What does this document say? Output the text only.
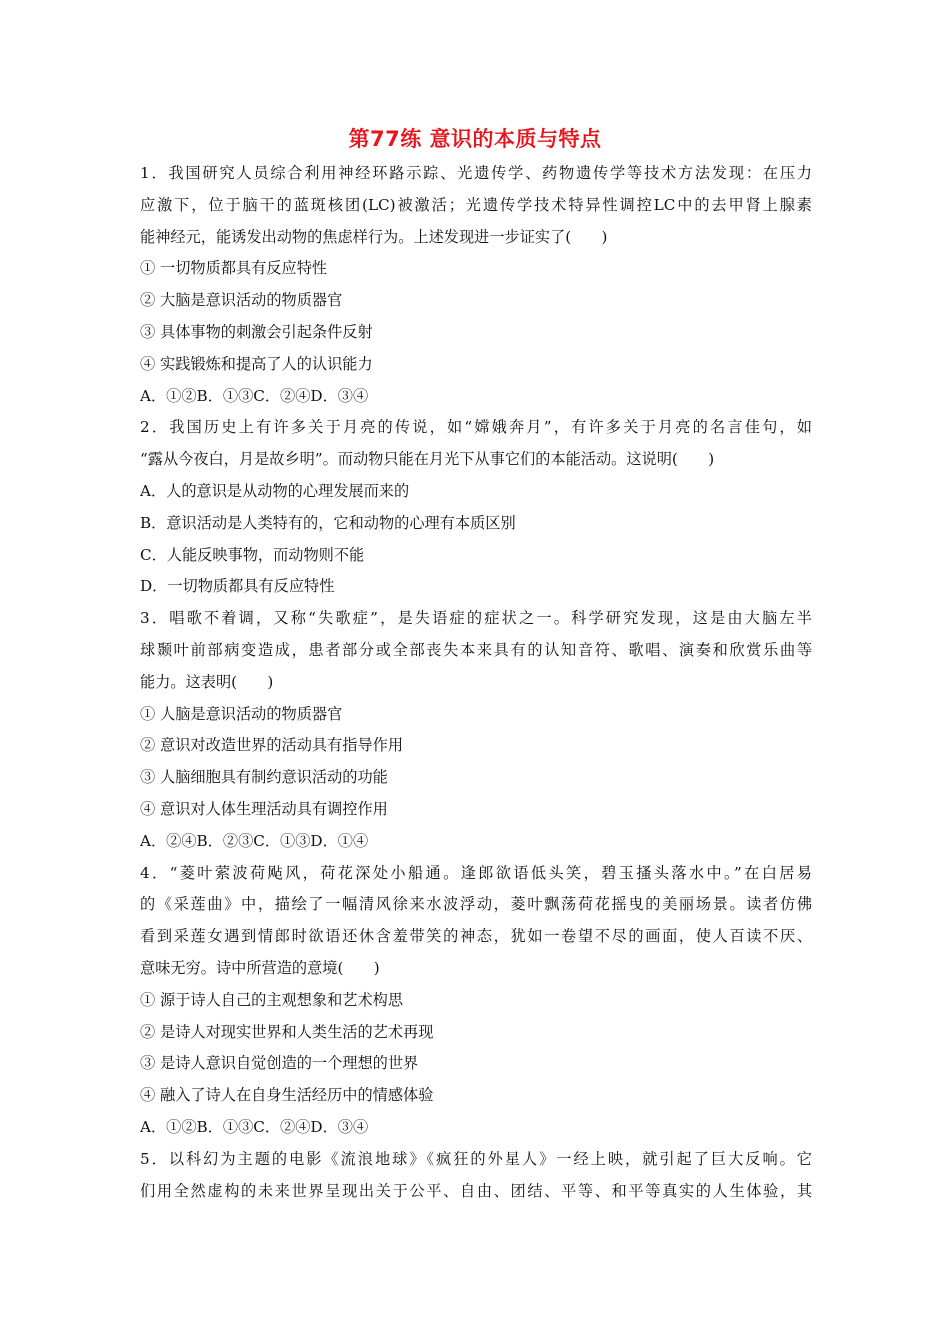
第77练 意识的本质与特点
1．我国研究人员综合利用神经环路示踪、光遗传学、药物遗传学等技术方法发现：在压力
应激下，位于脑干的蓝斑核团(LC)被激活；光遗传学技术特异性调控LC中的去甲肾上腺素
能神经元，能诱发出动物的焦虑样行为。上述发现进一步证实了(　　)
① 一切物质都具有反应特性
② 大脑是意识活动的物质器官
③ 具体事物的刺激会引起条件反射
④ 实践锻炼和提高了人的认识能力
A．①②B．①③C．②④D．③④
2．我国历史上有许多关于月亮的传说，如“嫦娥奔月”，有许多关于月亮的名言佳句，如
“露从今夜白，月是故乡明”。而动物只能在月光下从事它们的本能活动。这说明(　　)
A．人的意识是从动物的心理发展而来的
B．意识活动是人类特有的，它和动物的心理有本质区别
C．人能反映事物，而动物则不能
D．一切物质都具有反应特性
3．唱歌不着调，又称“失歌症”，是失语症的症状之一。科学研究发现，这是由大脑左半
球颞叶前部病变造成，患者部分或全部丧失本来具有的认知音符、歌唱、演奏和欣赏乐曲等
能力。这表明(　　)
① 人脑是意识活动的物质器官
② 意识对改造世界的活动具有指导作用
③ 人脑细胞具有制约意识活动的功能
④ 意识对人体生理活动具有调控作用
A．②④B．②③C．①③D．①④
4．“菱叶萦波荷飐风，荷花深处小船通。逢郎欲语低头笑，碧玉搔头落水中。”在白居易
的《采莲曲》中，描绘了一幅清风徐来水波浮动，菱叶飘荡荷花摇曳的美丽场景。读者仿佛
看到采莲女遇到情郎时欲语还休含羞带笑的神态，犹如一卷望不尽的画面，使人百读不厌、
意味无穷。诗中所营造的意境(　　)
① 源于诗人自己的主观想象和艺术构思
② 是诗人对现实世界和人类生活的艺术再现
③ 是诗人意识自觉创造的一个理想的世界
④ 融入了诗人在自身生活经历中的情感体验
A．①②B．①③C．②④D．③④
5．以科幻为主题的电影《流浪地球》《疯狂的外星人》一经上映，就引起了巨大反响。它
们用全然虚构的未来世界呈现出关于公平、自由、团结、平等、和平等真实的人生体验，其
